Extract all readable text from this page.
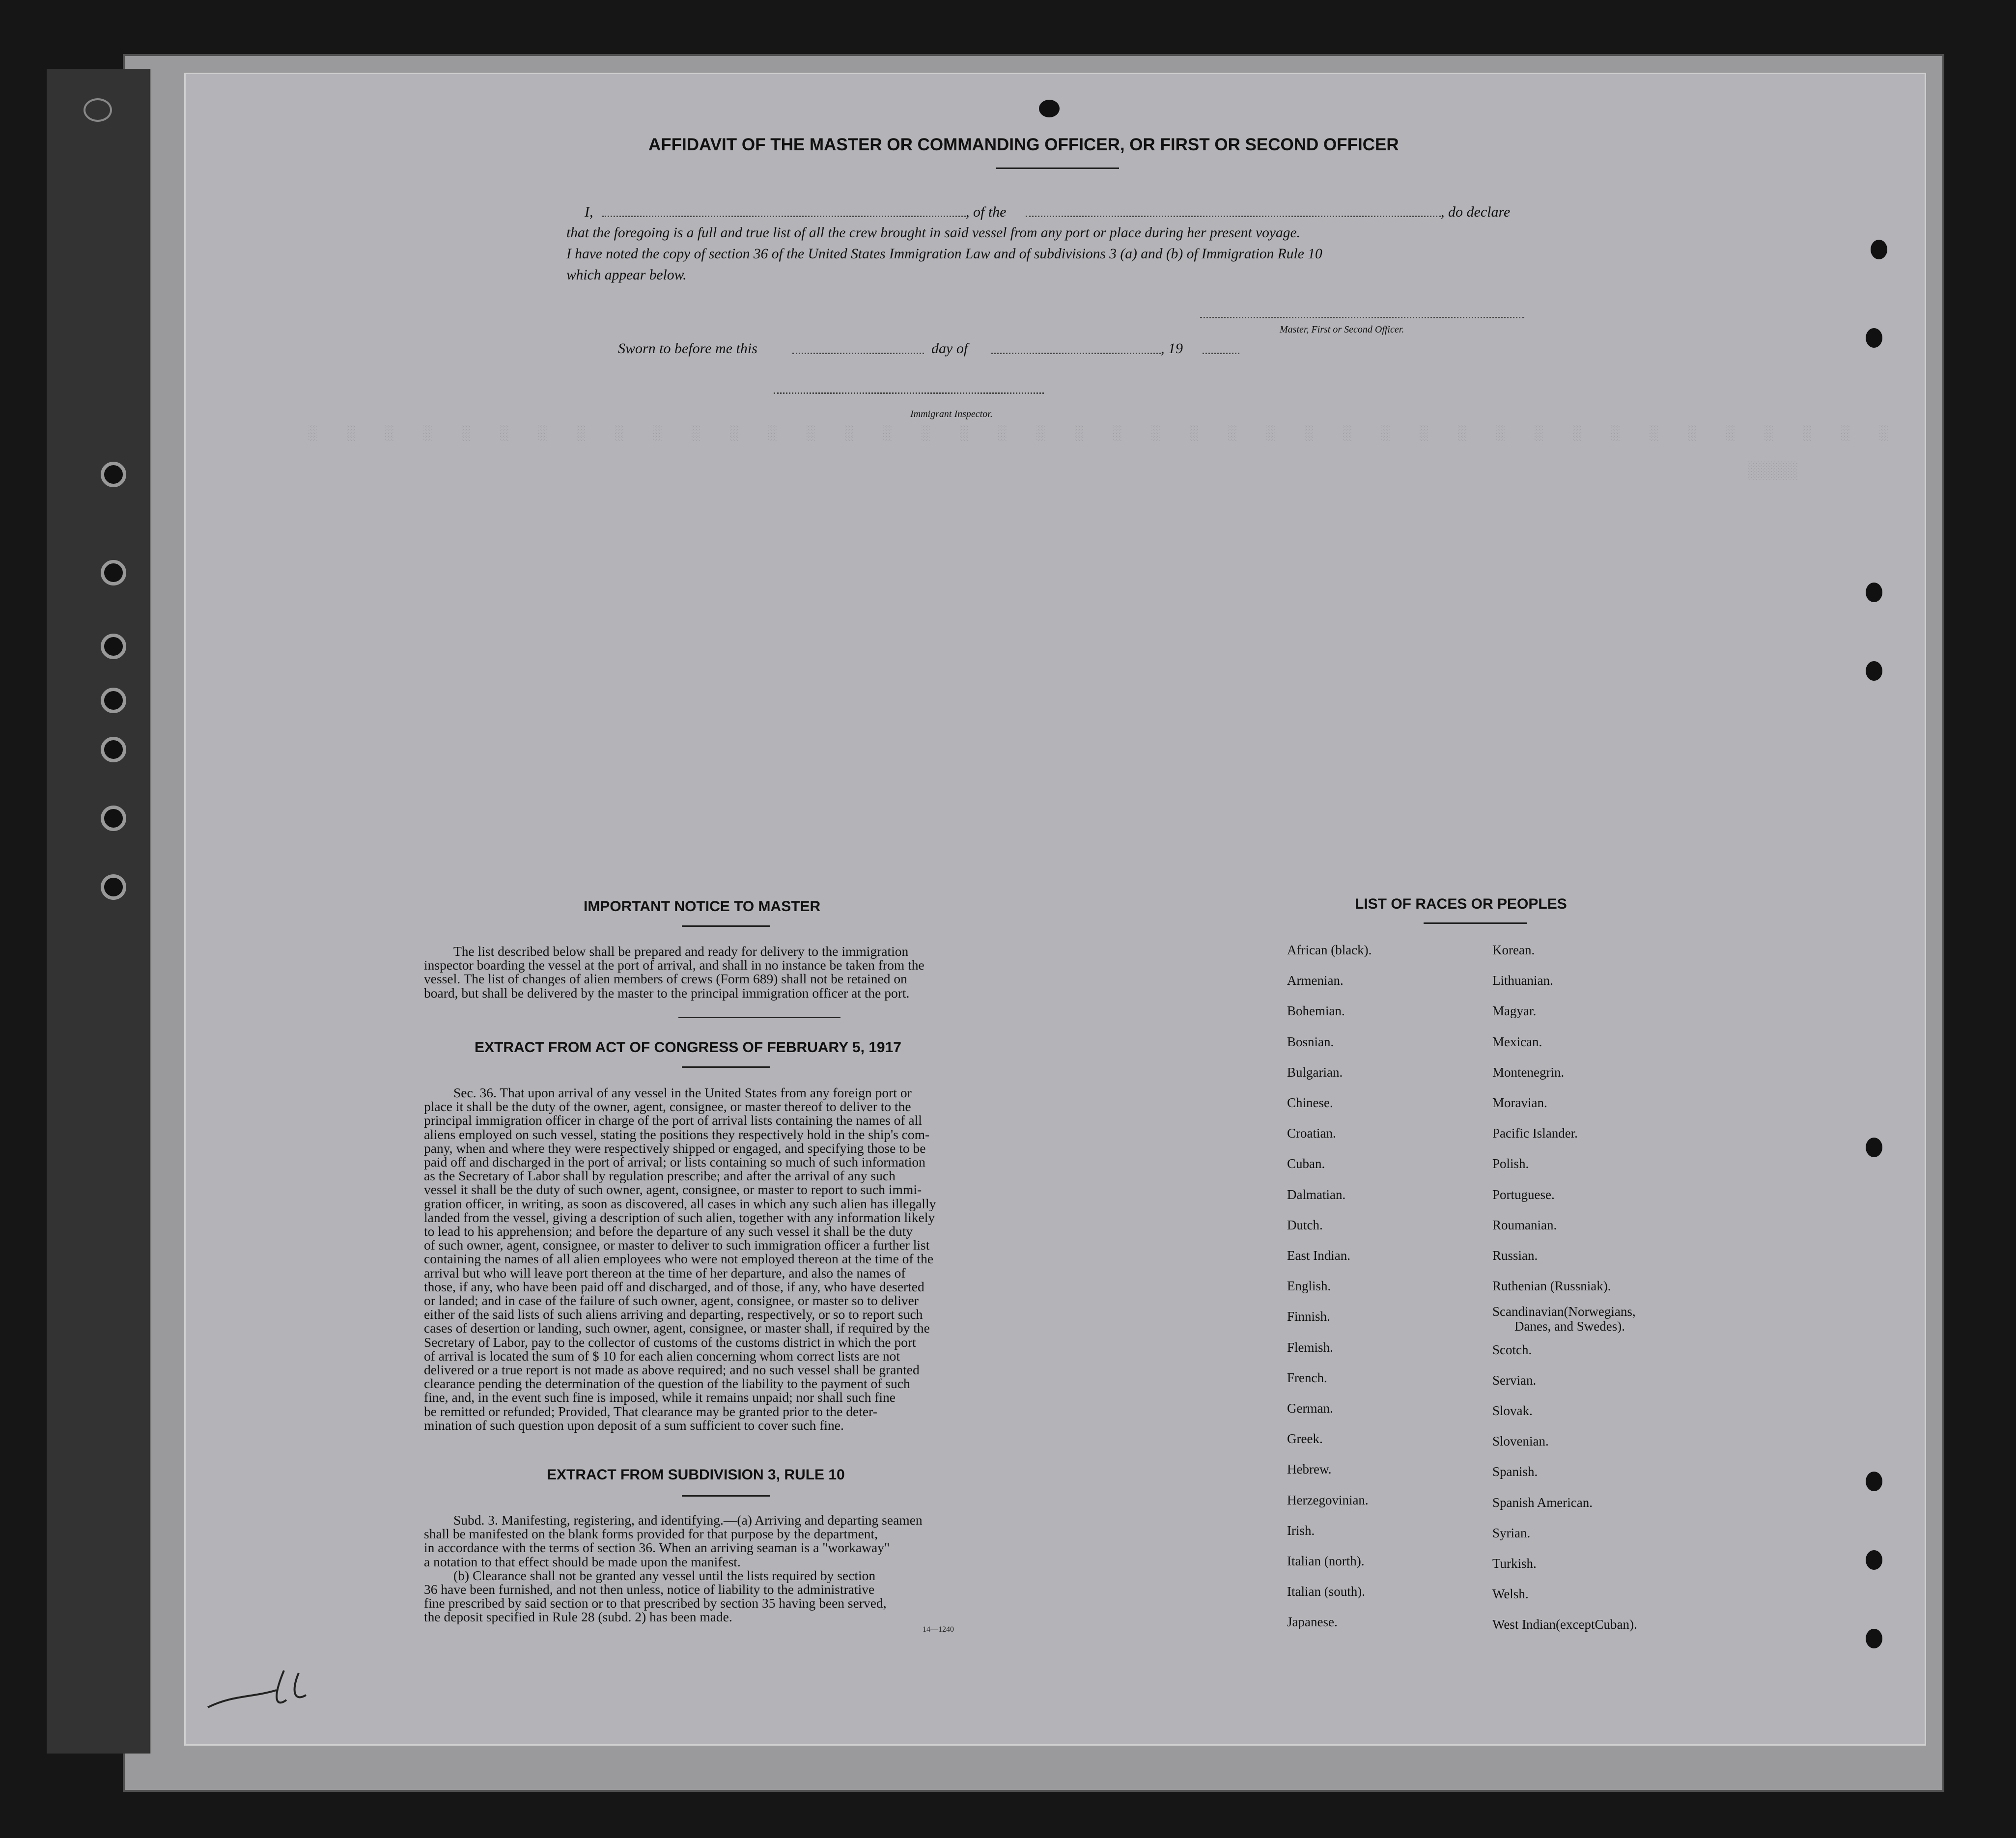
░░░░░░░░░░░░░░░░░░░░░░░░░░░░░░░░░░░░░░░░░░
░░░░░
AFFIDAVIT OF THE MASTER OR COMMANDING OFFICER, OR FIRST OR SECOND OFFICER
I,	, of the	, do declare
that the foregoing is a full and true list of all the crew brought in said vessel from any port or place during her present voyage.
I have noted the copy of section 36 of the United States Immigration Law and of subdivisions 3 (a) and (b) of Immigration Rule 10
which appear below.
Master, First or Second Officer.
Sworn to before me this	day of	, 19
Immigrant Inspector.
IMPORTANT NOTICE TO MASTER

The list described below shall be prepared and ready for delivery to the immigration

inspector boarding the vessel at the port of arrival, and shall in no instance be taken from the

vessel. The list of changes of alien members of crews (Form 689) shall not be retained on

board, but shall be delivered by the master to the principal immigration officer at the port.

EXTRACT FROM ACT OF CONGRESS OF FEBRUARY 5, 1917

Sec. 36. That upon arrival of any vessel in the United States from any foreign port or

place it shall be the duty of the owner, agent, consignee, or master thereof to deliver to the

principal immigration officer in charge of the port of arrival lists containing the names of all

aliens employed on such vessel, stating the positions they respectively hold in the ship's com-

pany, when and where they were respectively shipped or engaged, and specifying those to be

paid off and discharged in the port of arrival; or lists containing so much of such information

as the Secretary of Labor shall by regulation prescribe; and after the arrival of any such

vessel it shall be the duty of such owner, agent, consignee, or master to report to such immi-

gration officer, in writing, as soon as discovered, all cases in which any such alien has illegally

landed from the vessel, giving a description of such alien, together with any information likely

to lead to his apprehension; and before the departure of any such vessel it shall be the duty

of such owner, agent, consignee, or master to deliver to such immigration officer a further list

containing the names of all alien employees who were not employed thereon at the time of the

arrival but who will leave port thereon at the time of her departure, and also the names of

those, if any, who have been paid off and discharged, and of those, if any, who have deserted

or landed; and in case of the failure of such owner, agent, consignee, or master so to deliver

either of the said lists of such aliens arriving and departing, respectively, or so to report such

cases of desertion or landing, such owner, agent, consignee, or master shall, if required by the

Secretary of Labor, pay to the collector of customs of the customs district in which the port

of arrival is located the sum of $ 10 for each alien concerning whom correct lists are not

delivered or a true report is not made as above required; and no such vessel shall be granted

clearance pending the determination of the question of the liability to the payment of such

fine, and, in the event such fine is imposed, while it remains unpaid; nor shall such fine

be remitted or refunded; Provided, That clearance may be granted prior to the deter-

mination of such question upon deposit of a sum sufficient to cover such fine.

EXTRACT FROM SUBDIVISION 3, RULE 10

Subd. 3. Manifesting, registering, and identifying.—(a) Arriving and departing seamen

shall be manifested on the blank forms provided for that purpose by the department,

in accordance with the terms of section 36. When an arriving seaman is a "workaway"

a notation to that effect should be made upon the manifest.

(b) Clearance shall not be granted any vessel until the lists required by section

36 have been furnished, and not then unless, notice of liability to the administrative

fine prescribed by said section or to that prescribed by section 35 having been served,

the deposit specified in Rule 28 (subd. 2) has been made.

14—1240
LIST OF RACES OR PEOPLES
African (black).
Armenian.
Bohemian.
Bosnian.
Bulgarian.
Chinese.
Croatian.
Cuban.
Dalmatian.
Dutch.
East Indian.
English.
Finnish.
Flemish.
French.
German.
Greek.
Hebrew.
Herzegovinian.
Irish.
Italian (north).
Italian (south).
Japanese.
Korean.
Lithuanian.
Magyar.
Mexican.
Montenegrin.
Moravian.
Pacific Islander.
Polish.
Portuguese.
Roumanian.
Russian.
Ruthenian (Russniak).
Scandinavian(Norwegians,
Scotch.
Servian.
Slovak.
Slovenian.
Spanish.
Spanish American.
Syrian.
Turkish.
Welsh.
West Indian(exceptCuban).
Danes, and Swedes).
